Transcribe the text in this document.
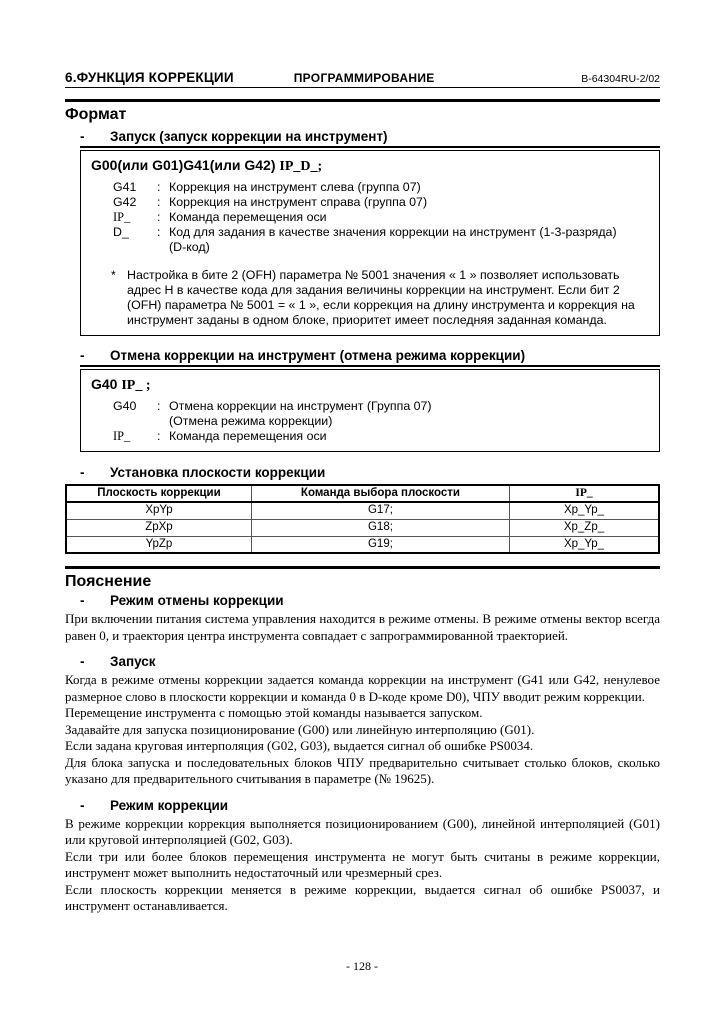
6.ФУНКЦИЯ КОРРЕКЦИИ	ПРОГРАММИРОВАНИЕ	B-64304RU-2/02
Формат
-	Запуск (запуск коррекции на инструмент)
G00(или G01)G41(или G42) IP_D_;
G41	: Коррекция на инструмент слева (группа 07)
G42	: Коррекция на инструмент справа (группа 07)
IP_	: Команда перемещения оси
D_	: Код для задания в качестве значения коррекции на инструмент (1-3-разряда)
(D-код)
* Настройка в бите 2 (OFH) параметра № 5001 значения « 1 » позволяет использовать адрес H в качестве кода для задания величины коррекции на инструмент. Если бит 2 (OFH) параметра № 5001 = « 1 », если коррекция на длину инструмента и коррекция на инструмент заданы в одном блоке, приоритет имеет последняя заданная команда.
-	Отмена коррекции на инструмент (отмена режима коррекции)
G40 IP_ ;
G40	: Отмена коррекции на инструмент (Группа 07)
(Отмена режима коррекции)
IP_	: Команда перемещения оси
-	Установка плоскости коррекции
Плоскость коррекции	Команда выбора плоскости	IP_
XpYp	G17;	Xp_Yp_
ZpXp	G18;	Xp_Zp_
YpZp	G19;	Xp_Yp_
Пояснение
-	Режим отмены коррекции

При включении питания система управления находится в режиме отмены. В режиме отмены вектор всегда равен 0, и траектория центра инструмента совпадает с запрограммированной траекторией.

-	Запуск

Когда в режиме отмены коррекции задается команда коррекции на инструмент (G41 или G42, ненулевое размерное слово в плоскости коррекции и команда 0 в D-коде кроме D0), ЧПУ вводит режим коррекции.

Перемещение инструмента с помощью этой команды называется запуском.

Задавайте для запуска позиционирование (G00) или линейную интерполяцию (G01).

Если задана круговая интерполяция (G02, G03), выдается сигнал об ошибке PS0034.

Для блока запуска и последовательных блоков ЧПУ предварительно считывает столько блоков, сколько указано для предварительного считывания в параметре (№ 19625).

-	Режим коррекции

В режиме коррекции коррекция выполняется позиционированием (G00), линейной интерполяцией (G01) или круговой интерполяцией (G02, G03).

Если три или более блоков перемещения инструмента не могут быть считаны в режиме коррекции, инструмент может выполнить недостаточный или чрезмерный срез.

Если плоскость коррекции меняется в режиме коррекции, выдается сигнал об ошибке PS0037, и инструмент останавливается.

- 128 -
